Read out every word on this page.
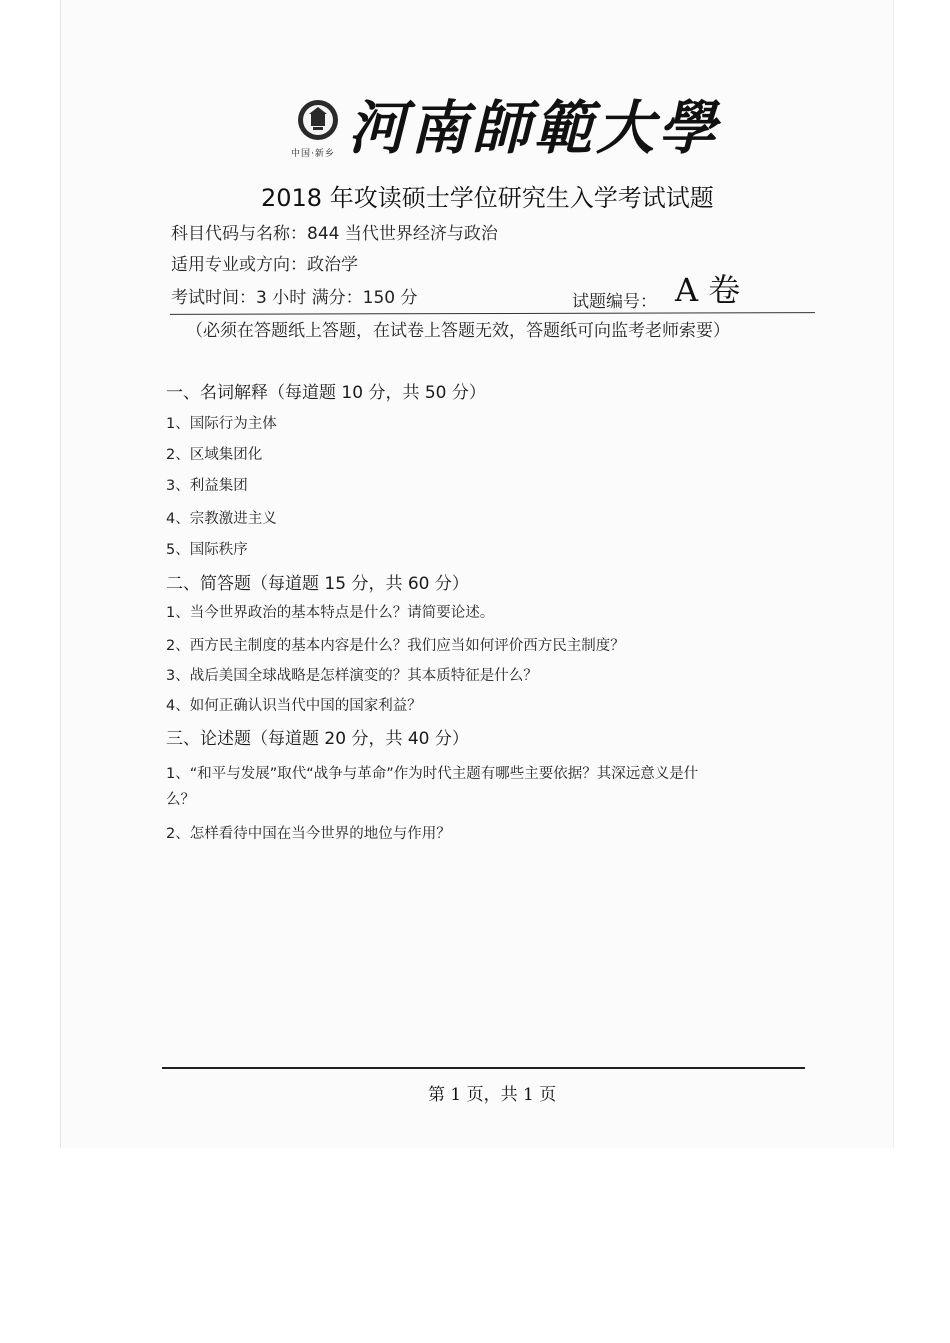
中国·新乡 河南師範大學
2018 年攻读硕士学位研究生入学考试试题
科目代码与名称：844 当代世界经济与政治
适用专业或方向：政治学
考试时间：3 小时 满分：150 分	试题编号： A 卷
（必须在答题纸上答题，在试卷上答题无效，答题纸可向监考老师索要）
一、名词解释（每道题 10 分，共 50 分）
1、国际行为主体
2、区域集团化
3、利益集团
4、宗教激进主义
5、国际秩序
二、简答题（每道题 15 分，共 60 分）
1、当今世界政治的基本特点是什么？请简要论述。
2、西方民主制度的基本内容是什么？我们应当如何评价西方民主制度？
3、战后美国全球战略是怎样演变的？其本质特征是什么？
4、如何正确认识当代中国的国家利益？
三、论述题（每道题 20 分，共 40 分）
1、“和平与发展”取代“战争与革命”作为时代主题有哪些主要依据？其深远意义是什
么？
2、怎样看待中国在当今世界的地位与作用？
第 1 页，共 1 页
